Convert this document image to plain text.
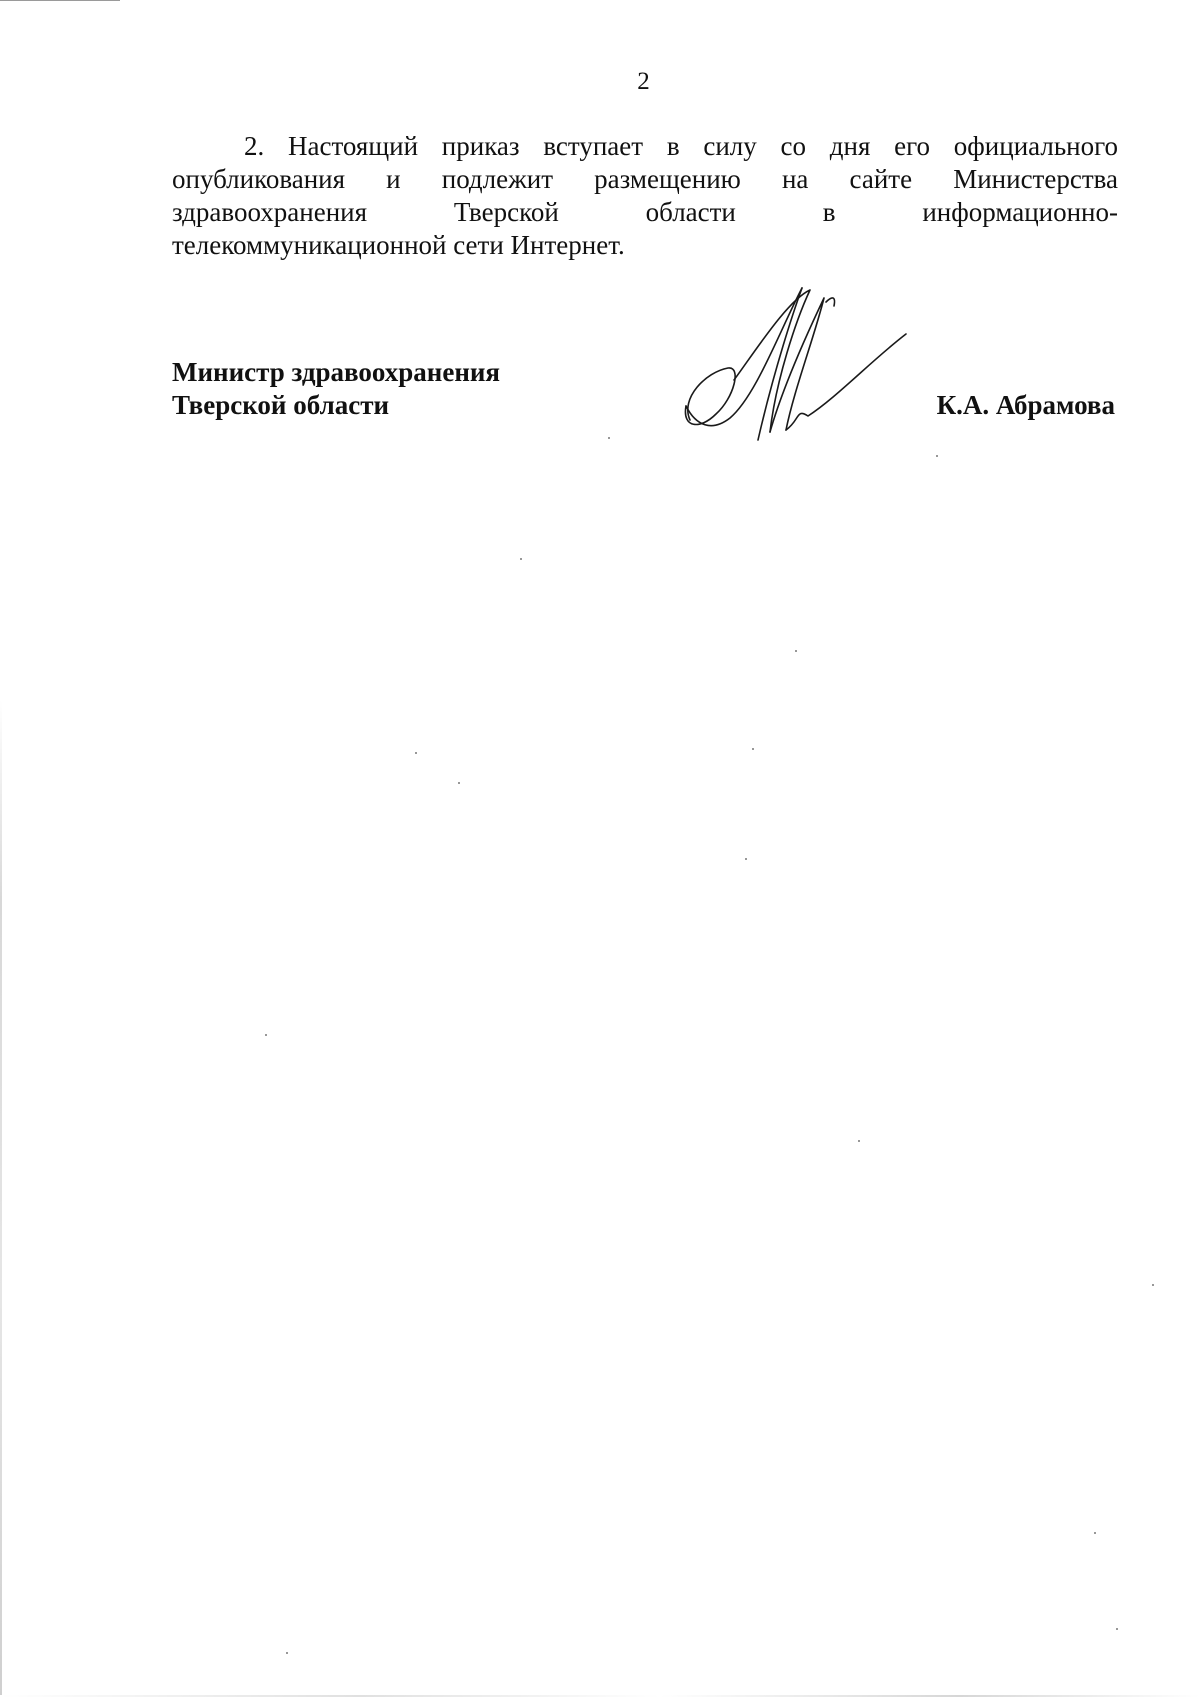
2

2. Настоящий приказ вступает в силу со дня его официального
опубликования и подлежит размещению на сайте Министерства
здравоохранения Тверской области в информационно-
телекоммуникационной сети Интернет.

Министр здравоохранения
Тверской области	К.А. Абрамова
